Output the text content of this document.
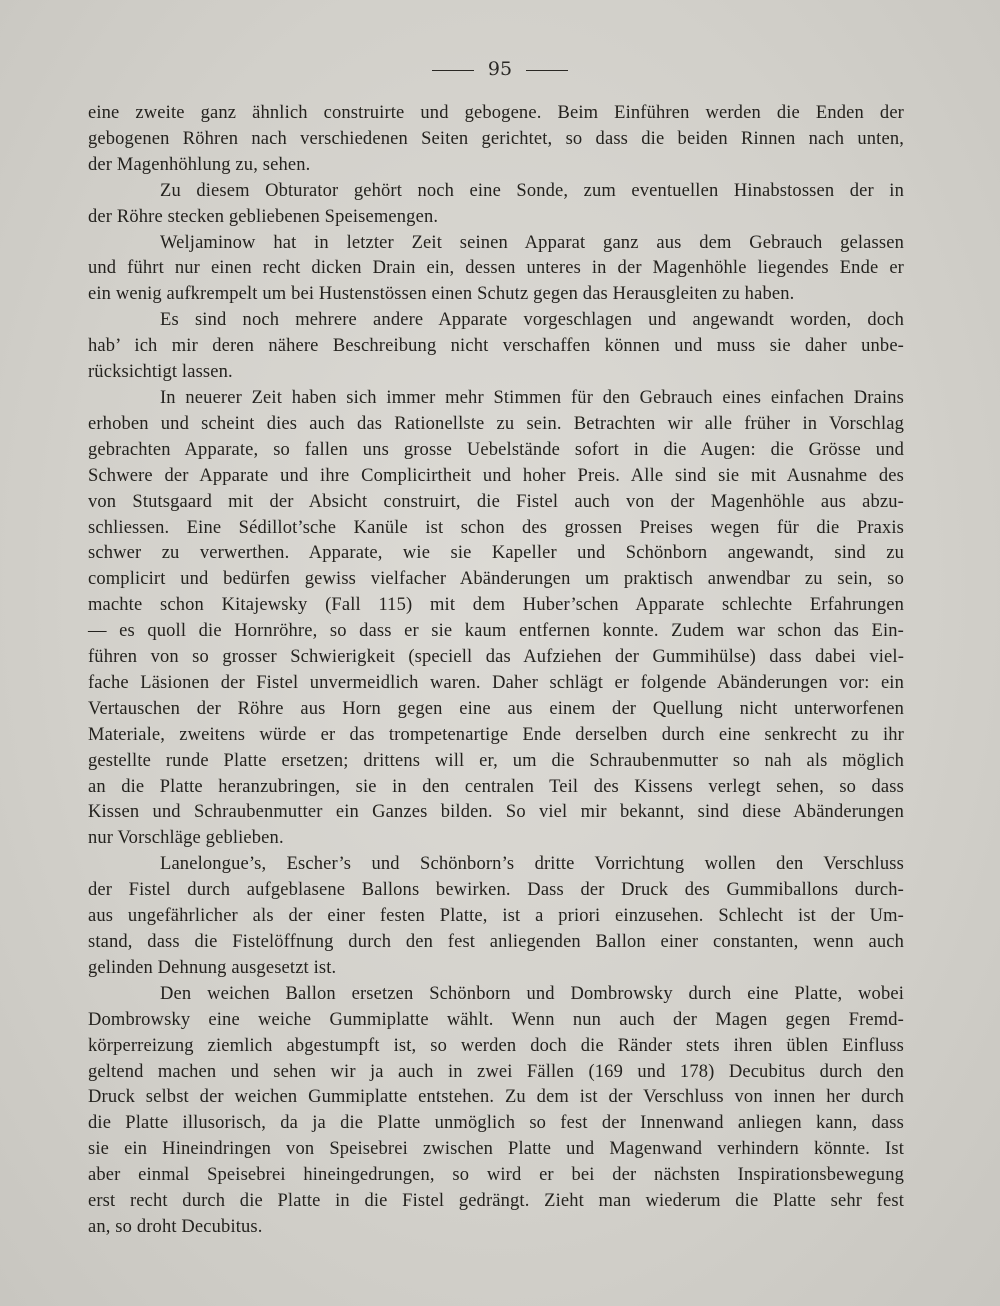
95
eine zweite ganz ähnlich construirte und gebogene. Beim Einführen werden die Enden der
gebogenen Röhren nach verschiedenen Seiten gerichtet, so dass die beiden Rinnen nach unten,
der Magenhöhlung zu, sehen.
Zu diesem Obturator gehört noch eine Sonde, zum eventuellen Hinabstossen der in
der Röhre stecken gebliebenen Speisemengen.
Weljaminow hat in letzter Zeit seinen Apparat ganz aus dem Gebrauch gelassen
und führt nur einen recht dicken Drain ein, dessen unteres in der Magenhöhle liegendes Ende er
ein wenig aufkrempelt um bei Hustenstössen einen Schutz gegen das Herausgleiten zu haben.
Es sind noch mehrere andere Apparate vorgeschlagen und angewandt worden, doch
hab’ ich mir deren nähere Beschreibung nicht verschaffen können und muss sie daher unbe-
rücksichtigt lassen.
In neuerer Zeit haben sich immer mehr Stimmen für den Gebrauch eines einfachen Drains
erhoben und scheint dies auch das Rationellste zu sein. Betrachten wir alle früher in Vorschlag
gebrachten Apparate, so fallen uns grosse Uebelstände sofort in die Augen: die Grösse und
Schwere der Apparate und ihre Complicirtheit und hoher Preis. Alle sind sie mit Ausnahme des
von Stutsgaard mit der Absicht construirt, die Fistel auch von der Magenhöhle aus abzu-
schliessen. Eine Sédillot’sche Kanüle ist schon des grossen Preises wegen für die Praxis
schwer zu verwerthen. Apparate, wie sie Kapeller und Schönborn angewandt, sind zu
complicirt und bedürfen gewiss vielfacher Abänderungen um praktisch anwendbar zu sein, so
machte schon Kitajewsky (Fall 115) mit dem Huber’schen Apparate schlechte Erfahrungen
— es quoll die Hornröhre, so dass er sie kaum entfernen konnte. Zudem war schon das Ein-
führen von so grosser Schwierigkeit (speciell das Aufziehen der Gummihülse) dass dabei viel-
fache Läsionen der Fistel unvermeidlich waren. Daher schlägt er folgende Abänderungen vor: ein
Vertauschen der Röhre aus Horn gegen eine aus einem der Quellung nicht unterworfenen
Materiale, zweitens würde er das trompetenartige Ende derselben durch eine senkrecht zu ihr
gestellte runde Platte ersetzen; drittens will er, um die Schraubenmutter so nah als möglich
an die Platte heranzubringen, sie in den centralen Teil des Kissens verlegt sehen, so dass
Kissen und Schraubenmutter ein Ganzes bilden. So viel mir bekannt, sind diese Abänderungen
nur Vorschläge geblieben.
Lanelongue’s, Escher’s und Schönborn’s dritte Vorrichtung wollen den Verschluss
der Fistel durch aufgeblasene Ballons bewirken. Dass der Druck des Gummiballons durch-
aus ungefährlicher als der einer festen Platte, ist a priori einzusehen. Schlecht ist der Um-
stand, dass die Fistelöffnung durch den fest anliegenden Ballon einer constanten, wenn auch
gelinden Dehnung ausgesetzt ist.
Den weichen Ballon ersetzen Schönborn und Dombrowsky durch eine Platte, wobei
Dombrowsky eine weiche Gummiplatte wählt. Wenn nun auch der Magen gegen Fremd-
körperreizung ziemlich abgestumpft ist, so werden doch die Ränder stets ihren üblen Einfluss
geltend machen und sehen wir ja auch in zwei Fällen (169 und 178) Decubitus durch den
Druck selbst der weichen Gummiplatte entstehen. Zu dem ist der Verschluss von innen her durch
die Platte illusorisch, da ja die Platte unmöglich so fest der Innenwand anliegen kann, dass
sie ein Hineindringen von Speisebrei zwischen Platte und Magenwand verhindern könnte. Ist
aber einmal Speisebrei hineingedrungen, so wird er bei der nächsten Inspirationsbewegung
erst recht durch die Platte in die Fistel gedrängt. Zieht man wiederum die Platte sehr fest
an, so droht Decubitus.
